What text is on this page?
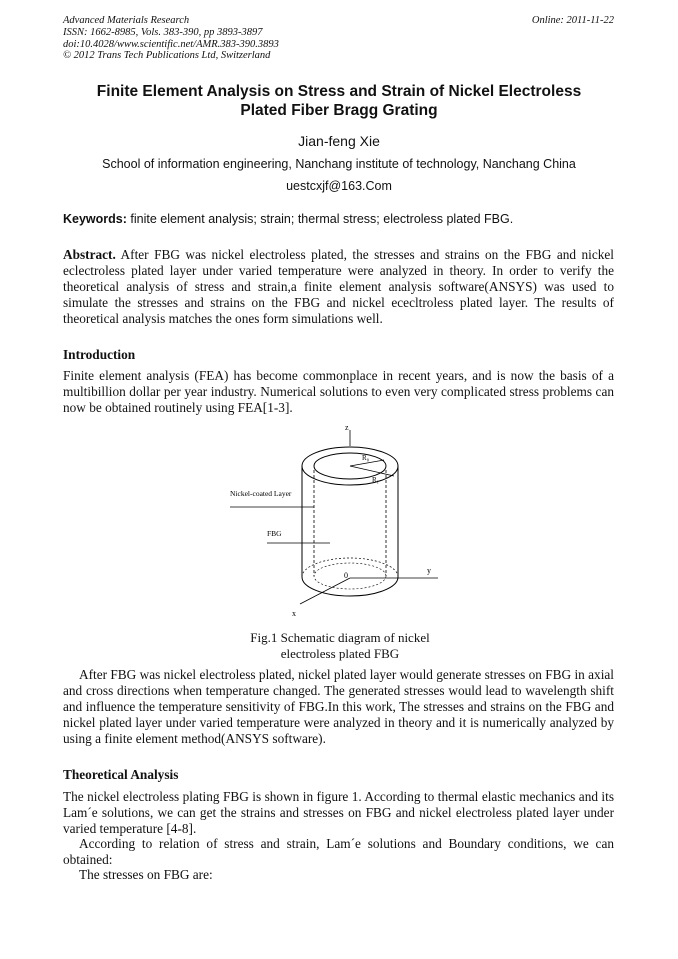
Advanced Materials Research
ISSN: 1662-8985, Vols. 383-390, pp 3893-3897
doi:10.4028/www.scientific.net/AMR.383-390.3893
© 2012 Trans Tech Publications Ltd, Switzerland
Online: 2011-11-22
Finite Element Analysis on Stress and Strain of Nickel Electroless
Plated Fiber Bragg Grating
Jian-feng Xie
School of information engineering, Nanchang institute of technology, Nanchang China
uestcxjf@163.Com
Keywords: finite element analysis; strain; thermal stress; electroless plated FBG.
Abstract. After FBG was nickel electroless plated, the stresses and strains on the FBG and nickel eclectroless plated layer under varied temperature were analyzed in theory. In order to verify the theoretical analysis of stress and strain,a finite element analysis software(ANSYS) was used to simulate the stresses and strains on the FBG and nickel ececltroless plated layer. The results of theoretical analysis matches the ones form simulations well.
Introduction
Finite element analysis (FEA) has become commonplace in recent years, and is now the basis of a multibillion dollar per year industry. Numerical solutions to even very complicated stress problems can now be obtained routinely using FEA[1-3].
z
y
x
0
R₀
R₁
Nickel-coated Layer
FBG
Fig.1 Schematic diagram of nickel
electroless plated FBG
After FBG was nickel electroless plated, nickel plated layer would generate stresses on FBG in axial and cross directions when temperature changed. The generated stresses would lead to wavelength shift and influence the temperature sensitivity of FBG.In this work, The stresses and strains on the FBG and nickel plated layer under varied temperature were analyzed in theory and it is numerically analyzed by using a finite element method(ANSYS software).
Theoretical Analysis
The nickel electroless plating FBG is shown in figure 1. According to thermal elastic mechanics and its Lam´e solutions, we can get the strains and stresses on FBG and nickel electroless plated layer under varied temperature [4-8].
According to relation of stress and strain, Lam´e solutions and Boundary conditions, we can obtained:
The stresses on FBG are:
